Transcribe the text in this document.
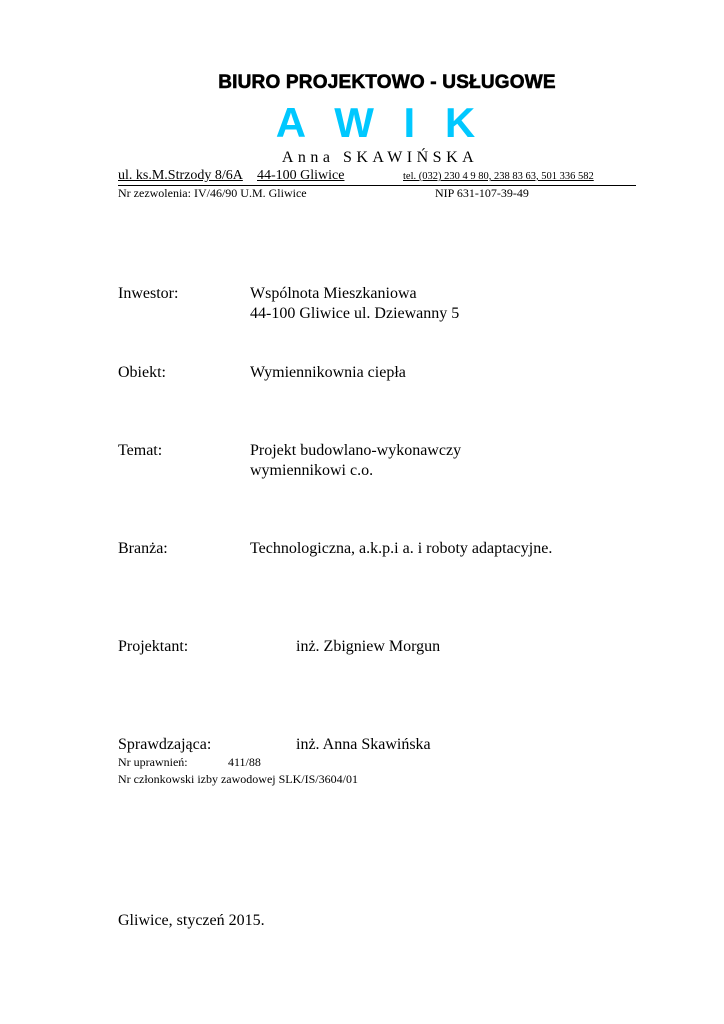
BIURO PROJEKTOWO - USŁUGOWE
A W I K
Anna SKAWIŃSKA
ul. ks.M.Strzody 8/6A 44-100 Gliwice	tel. (032) 230 4 9 80, 238 83 63, 501 336 582
Nr zezwolenia: IV/46/90 U.M. Gliwice	NIP 631-107-39-49
Inwestor:	Wspólnota Mieszkaniowa
44-100 Gliwice ul. Dziewanny 5
Obiekt:	Wymiennikownia ciepła
Temat:	Projekt budowlano-wykonawczy
wymiennikowi c.o.
Branża:	Technologiczna, a.k.p.i a. i roboty adaptacyjne.
Projektant:	inż. Zbigniew Morgun
Sprawdzająca:	inż. Anna Skawińska
Nr uprawnień:	411/88
Nr członkowski izby zawodowej SLK/IS/3604/01
Gliwice, styczeń 2015.
